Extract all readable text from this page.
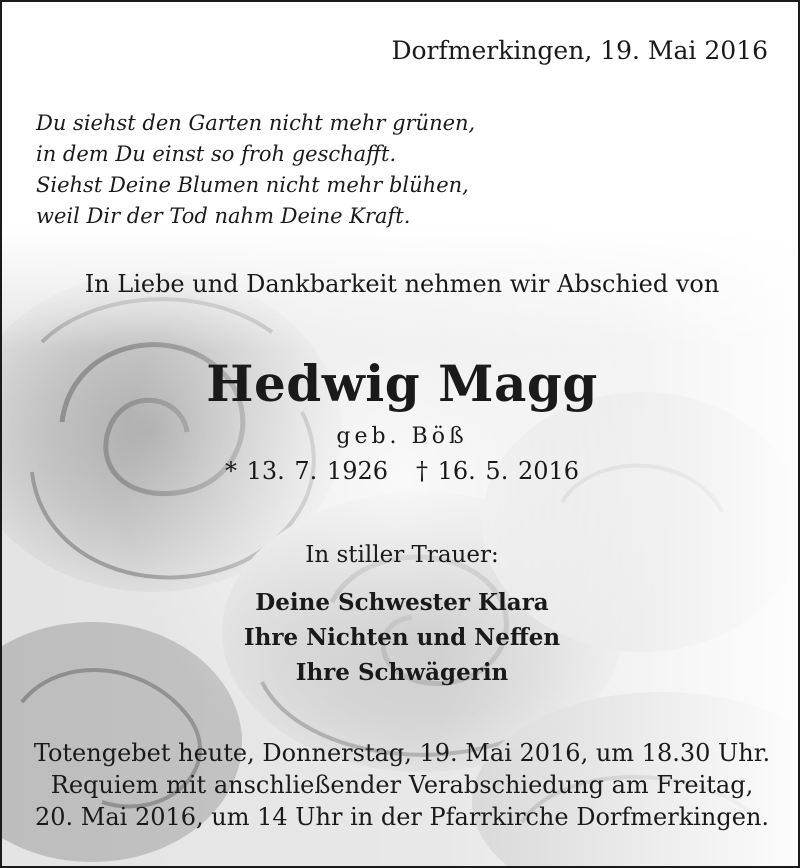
Dorfmerkingen, 19. Mai 2016

Du siehst den Garten nicht mehr grünen,
in dem Du einst so froh geschafft.
Siehst Deine Blumen nicht mehr blühen,
weil Dir der Tod nahm Deine Kraft.

In Liebe und Dankbarkeit nehmen wir Abschied von

Hedwig Magg

geb. Böß

* 13. 7. 1926 † 16. 5. 2016

In stiller Trauer:

Deine Schwester Klara
Ihre Nichten und Neffen
Ihre Schwägerin
Totengebet heute, Donnerstag, 19. Mai 2016, um 18.30 Uhr.
Requiem mit anschließender Verabschiedung am Freitag,
20. Mai 2016, um 14 Uhr in der Pfarrkirche Dorfmerkingen.
